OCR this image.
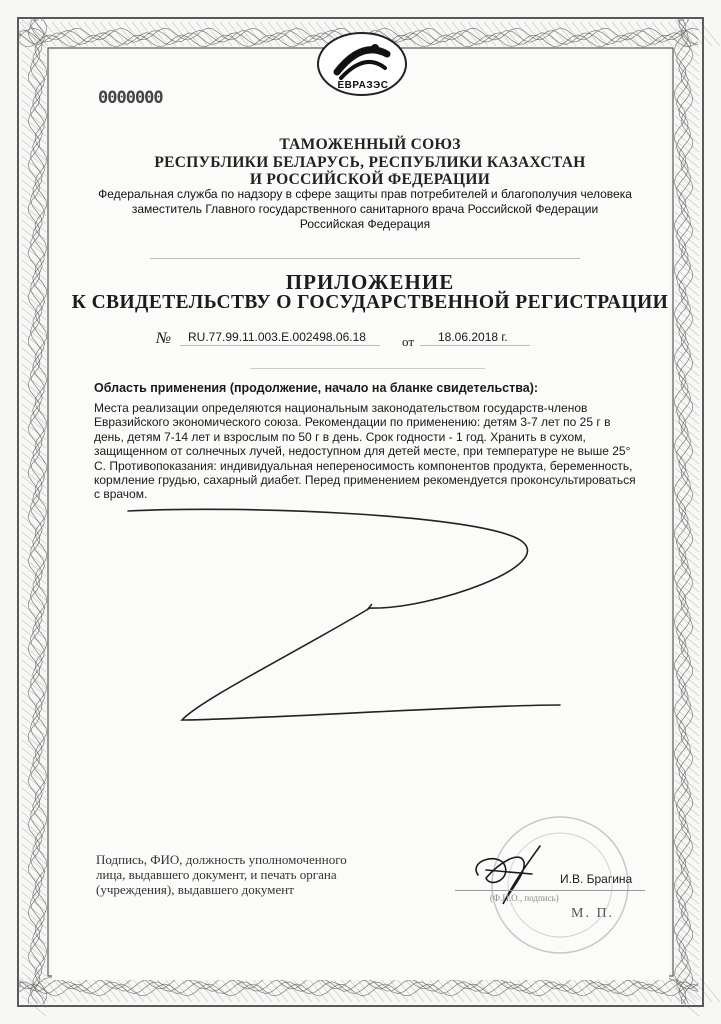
ЕВРАЗЭС
0000000
ТАМОЖЕННЫЙ СОЮЗ
РЕСПУБЛИКИ БЕЛАРУСЬ, РЕСПУБЛИКИ КАЗАХСТАН
И РОССИЙСКОЙ ФЕДЕРАЦИИ
Федеральная служба по надзору в сфере защиты прав потребителей и благополучия человека
заместитель Главного государственного санитарного врача Российской Федерации
Российская Федерация
ПРИЛОЖЕНИЕ
К СВИДЕТЕЛЬСТВУ О ГОСУДАРСТВЕННОЙ РЕГИСТРАЦИИ
№ RU.77.99.11.003.Е.002498.06.18	от 18.06.2018 г.
Область применения (продолжение, начало на бланке свидетельства):
Места реализации определяются национальным законодательством государств-членов
Евразийского экономического союза. Рекомендации по применению: детям 3-7 лет по 25 г в
день, детям 7-14 лет и взрослым по 50 г в день. Срок годности - 1 год. Хранить в сухом,
защищенном от солнечных лучей, недоступном для детей месте, при температуре не выше 25°
С. Противопоказания: индивидуальная непереносимость компонентов продукта, беременность,
кормление грудью, сахарный диабет. Перед применением рекомендуется проконсультироваться
с врачом.
Подпись, ФИО, должность уполномоченного
лица, выдавшего документ, и печать органа
(учреждения), выдавшего документ
И.В. Брагина
(Ф.И.О., подпись)
М. П.
